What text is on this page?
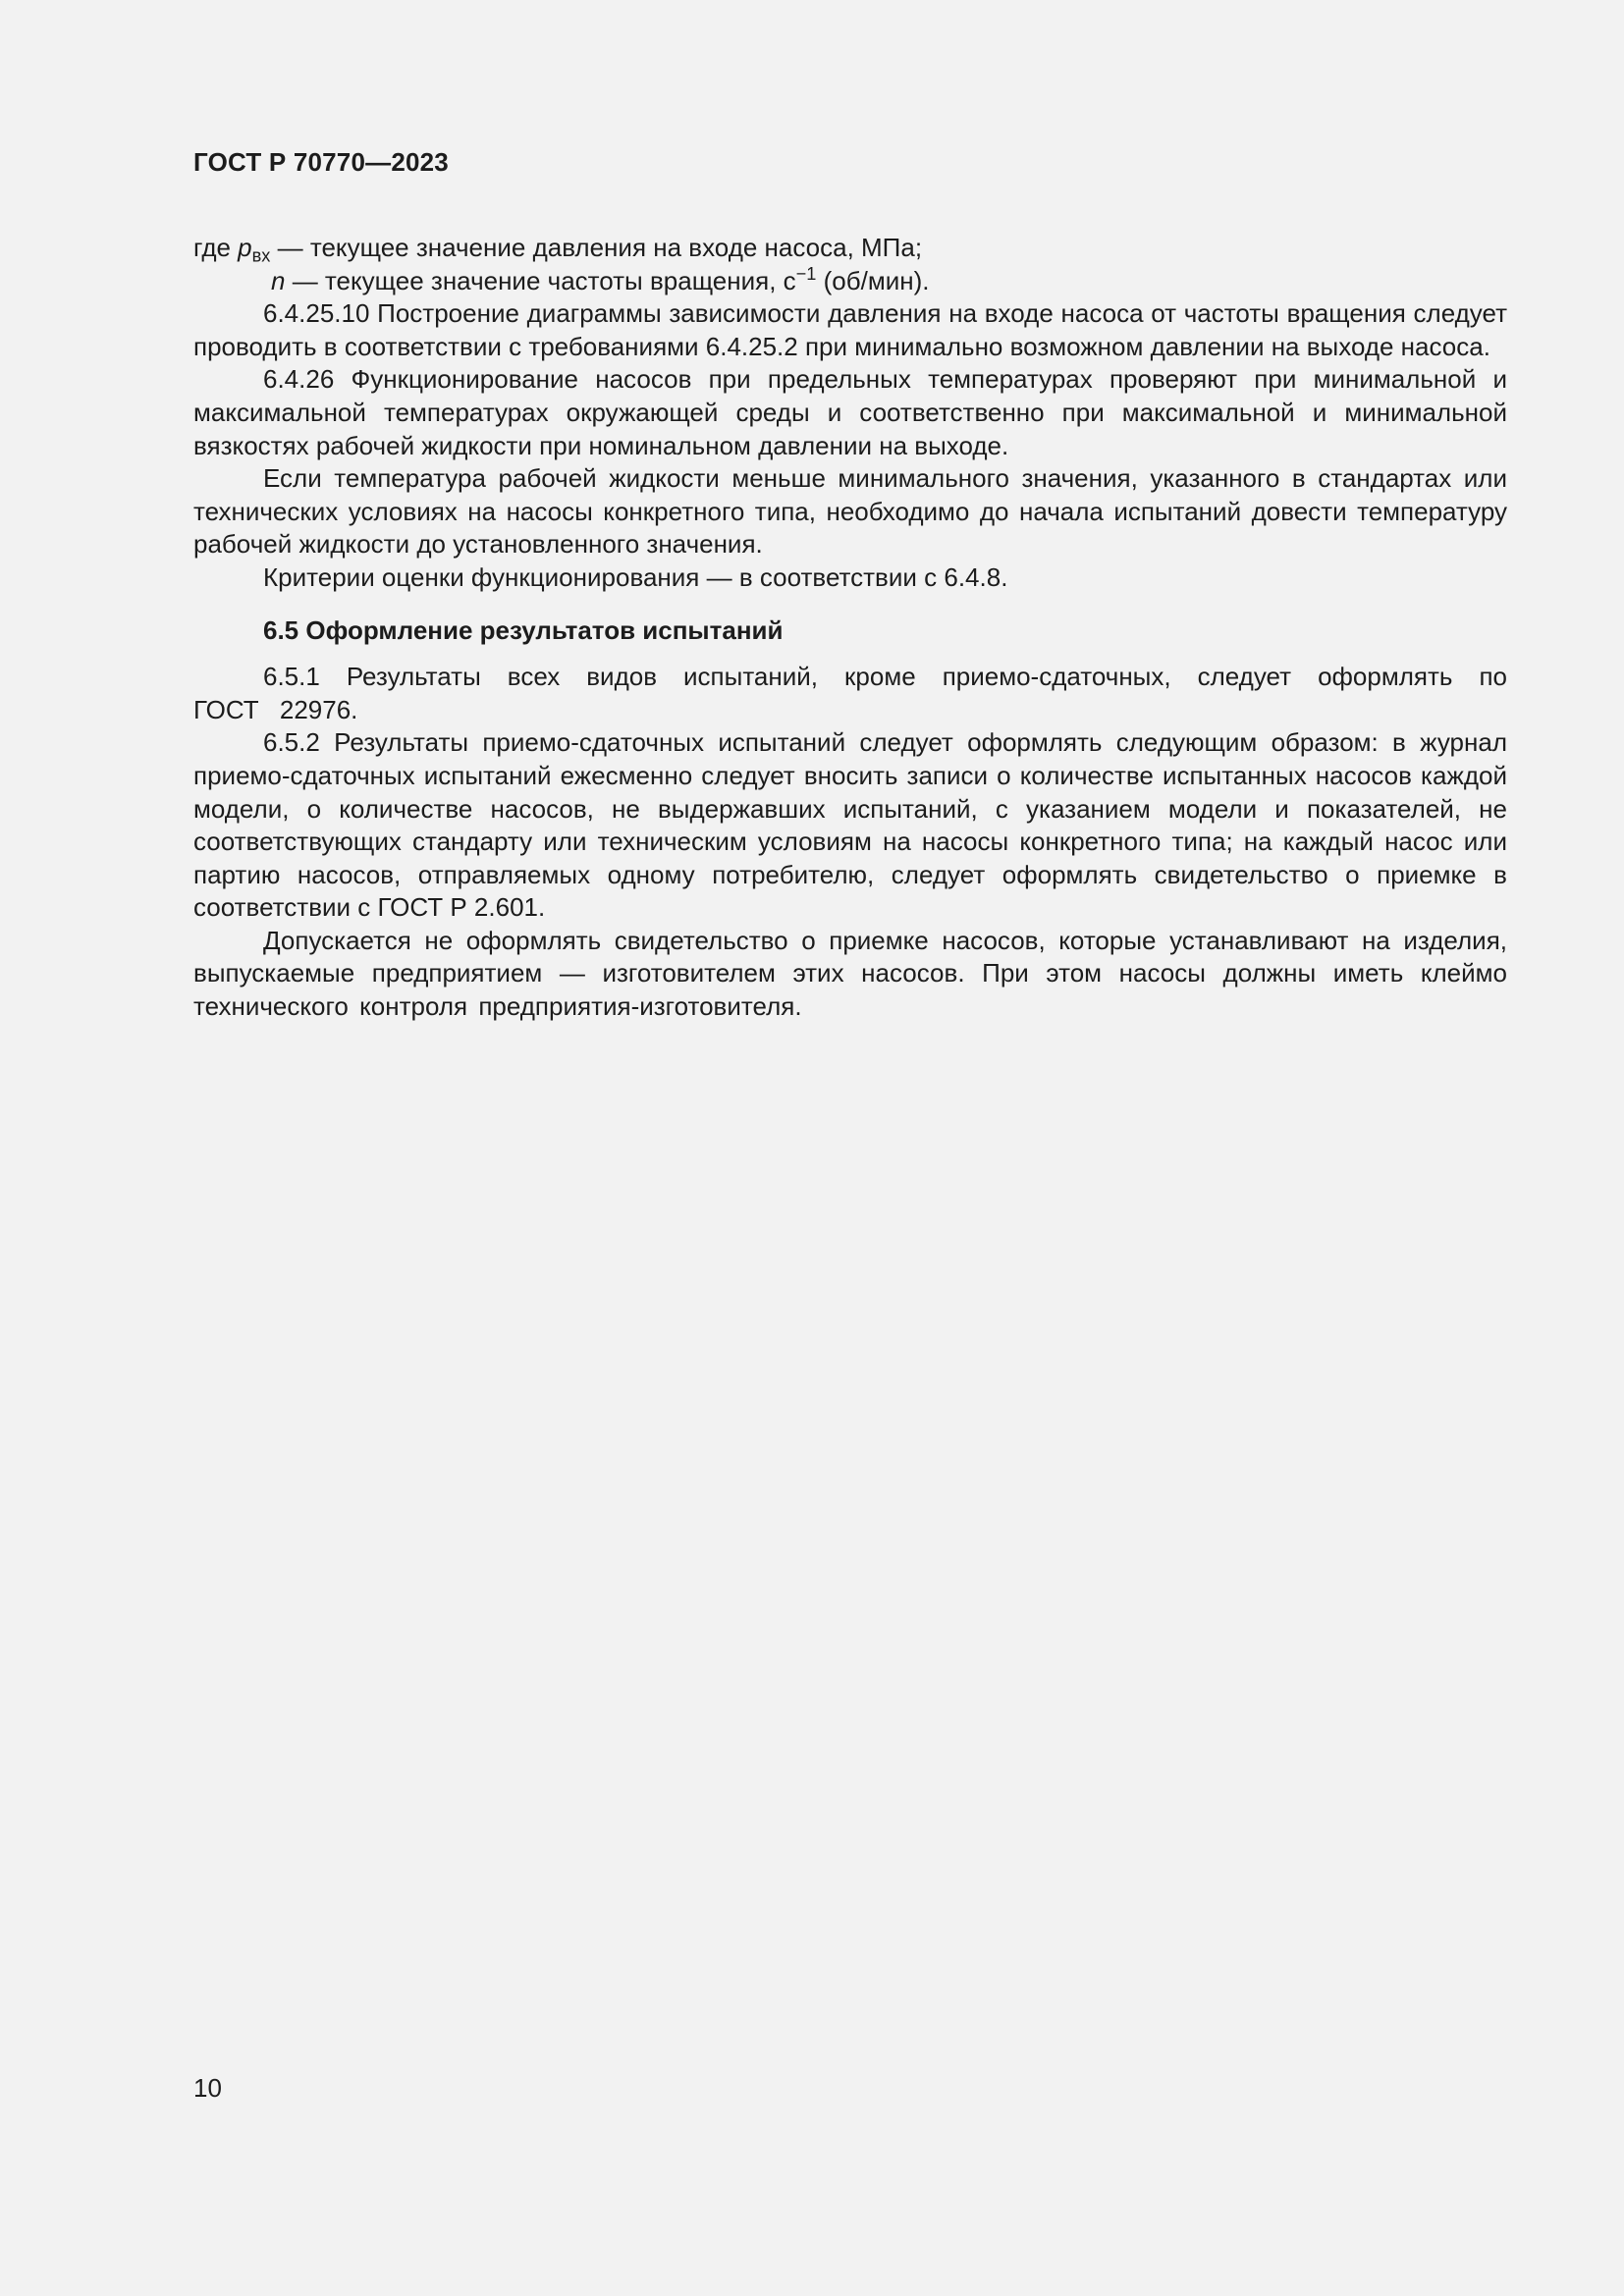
ГОСТ Р 70770—2023

где $p_{вх}$ — текущее значение давления на входе насоса, МПа;

n — текущее значение частоты вращения, $с^{-1}$ (об/мин).

6.4.25.10 Построение диаграммы зависимости давления на входе насоса от частоты вращения следует проводить в соответствии с требованиями 6.4.25.2 при минимально возможном давлении на выходе насоса.

6.4.26 Функционирование насосов при предельных температурах проверяют при минимальной и максимальной температурах окружающей среды и соответственно при максимальной и минимальной вязкостях рабочей жидкости при номинальном давлении на выходе.

Если температура рабочей жидкости меньше минимального значения, указанного в стандартах или технических условиях на насосы конкретного типа, необходимо до начала испытаний довести температуру рабочей жидкости до установленного значения.

Критерии оценки функционирования — в соответствии с 6.4.8.

6.5 Оформление результатов испытаний

6.5.1 Результаты всех видов испытаний, кроме приемо-сдаточных, следует оформлять по ГОСТ 22976.

6.5.2 Результаты приемо-сдаточных испытаний следует оформлять следующим образом: в журнал приемо-сдаточных испытаний ежесменно следует вносить записи о количестве испытанных насосов каждой модели, о количестве насосов, не выдержавших испытаний, с указанием модели и показателей, не соответствующих стандарту или техническим условиям на насосы конкретного типа; на каждый насос или партию насосов, отправляемых одному потребителю, следует оформлять свидетельство о приемке в соответствии с ГОСТ Р 2.601.

Допускается не оформлять свидетельство о приемке насосов, которые устанавливают на изделия, выпускаемые предприятием — изготовителем этих насосов. При этом насосы должны иметь клеймо технического контроля предприятия-изготовителя.

10
